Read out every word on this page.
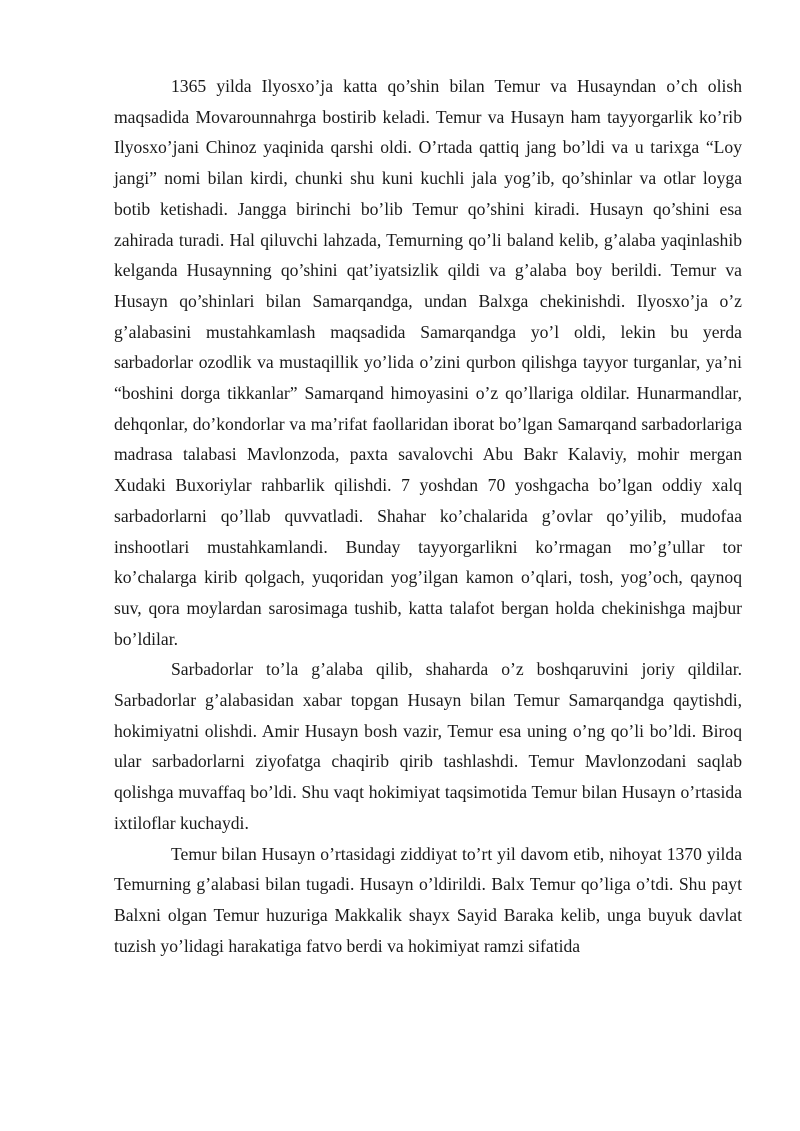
1365 yilda Ilyosxo’ja katta qo’shin bilan Temur va Husayndan o’ch olish maqsadida Movarounnahrga bostirib keladi. Temur va Husayn ham tayyorgarlik ko’rib Ilyosxo’jani Chinoz yaqinida qarshi oldi. O’rtada qattiq jang bo’ldi va u tarixga “Loy jangi” nomi bilan kirdi, chunki shu kuni kuchli jala yog’ib, qo’shinlar va otlar loyga botib ketishadi. Jangga birinchi bo’lib Temur qo’shini kiradi. Husayn qo’shini esa zahirada turadi. Hal qiluvchi lahzada, Temurning qo’li baland kelib, g’alaba yaqinlashib kelganda Husaynning qo’shini qat’iyatsizlik qildi va g’alaba boy berildi. Temur va Husayn qo’shinlari bilan Samarqandga, undan Balxga chekinishdi. Ilyosxo’ja o’z g’alabasini mustahkamlash maqsadida Samarqandga yo’l oldi, lekin bu yerda sarbadorlar ozodlik va mustaqillik yo’lida o’zini qurbon qilishga tayyor turganlar, ya’ni “boshini dorga tikkanlar” Samarqand himoyasini o’z qo’llariga oldilar. Hunarmandlar, dehqonlar, do’kondorlar va ma’rifat faollaridan iborat bo’lgan Samarqand sarbadorlariga madrasa talabasi Mavlonzoda, paxta savalovchi Abu Bakr Kalaviy, mohir mergan Xudaki Buxoriylar rahbarlik qilishdi. 7 yoshdan 70 yoshgacha bo’lgan oddiy xalq sarbadorlarni qo’llab quvvatladi. Shahar ko’chalarida g’ovlar qo’yilib, mudofaa inshootlari mustahkamlandi. Bunday tayyorgarlikni ko’rmagan mo’g’ullar tor ko’chalarga kirib qolgach, yuqoridan yog’ilgan kamon o’qlari, tosh, yog’och, qaynoq suv, qora moylardan sarosimaga tushib, katta talafot bergan holda chekinishga majbur bo’ldilar.

Sarbadorlar to’la g’alaba qilib, shaharda o’z boshqaruvini joriy qildilar. Sarbadorlar g’alabasidan xabar topgan Husayn bilan Temur Samarqandga qaytishdi, hokimiyatni olishdi. Amir Husayn bosh vazir, Temur esa uning o’ng qo’li bo’ldi. Biroq ular sarbadorlarni ziyofatga chaqirib qirib tashlashdi. Temur Mavlonzodani saqlab qolishga muvaffaq bo’ldi. Shu vaqt hokimiyat taqsimotida Temur bilan Husayn o’rtasida ixtiloflar kuchaydi.

Temur bilan Husayn o’rtasidagi ziddiyat to’rt yil davom etib, nihoyat 1370 yilda Temurning g’alabasi bilan tugadi. Husayn o’ldirildi. Balx Temur qo’liga o’tdi. Shu payt Balxni olgan Temur huzuriga Makkalik shayx Sayid Baraka kelib, unga buyuk davlat tuzish yo’lidagi harakatiga fatvo berdi va hokimiyat ramzi sifatida
